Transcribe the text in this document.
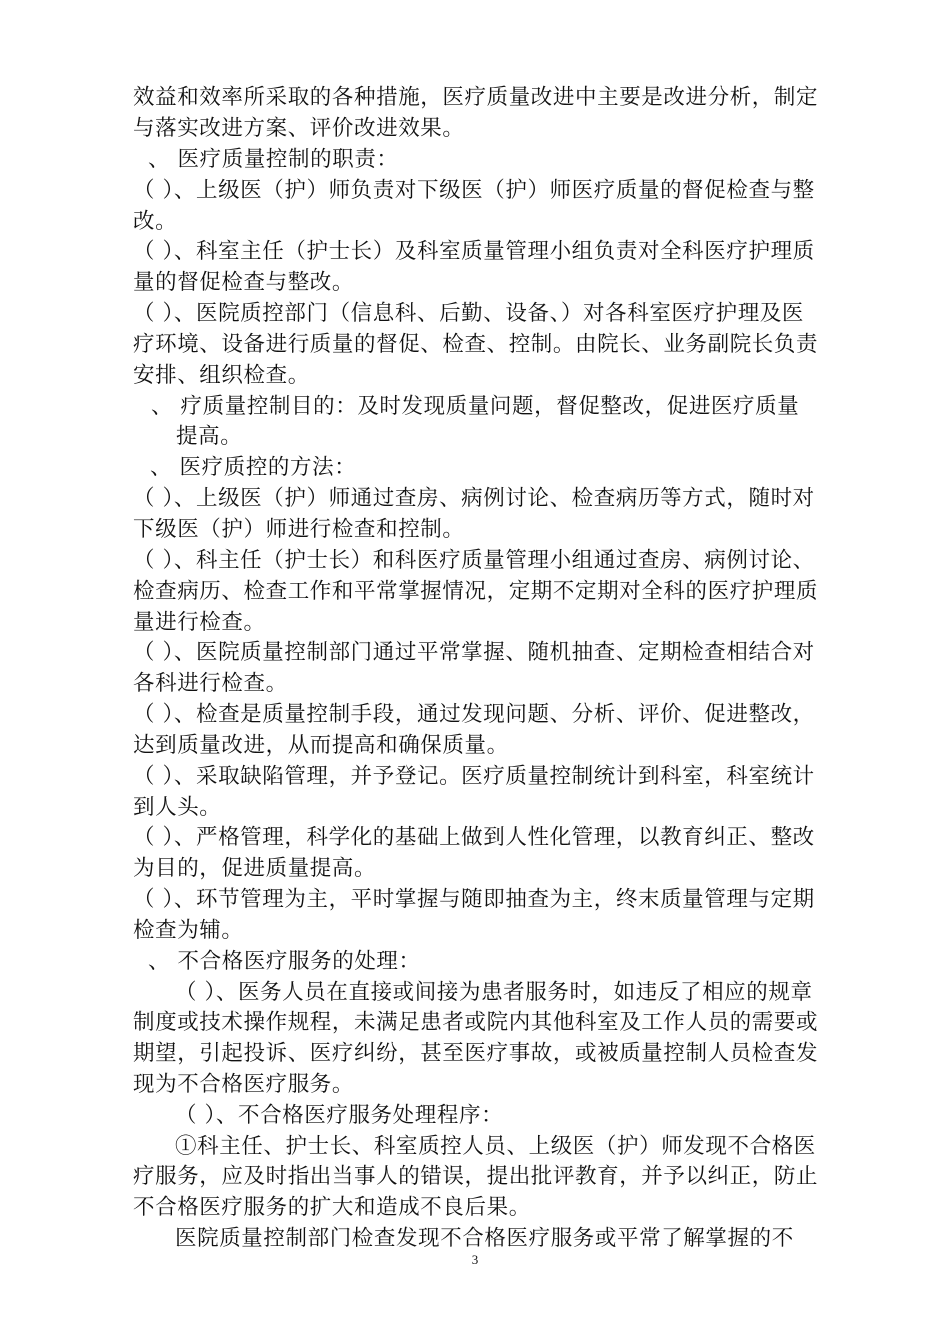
效益和效率所采取的各种措施，医疗质量改进中主要是改进分析，制定
与落实改进方案、评价改进效果。
、 医疗质量控制的职责：
（ ）、上级医（护）师负责对下级医（护）师医疗质量的督促检查与整
改。
（ ）、科室主任（护士长）及科室质量管理小组负责对全科医疗护理质
量的督促检查与整改。
（ ）、医院质控部门（信息科、后勤、设备、）对各科室医疗护理及医
疗环境、设备进行质量的督促、检查、控制。由院长、业务副院长负责
安排、组织检查。
、 疗质量控制目的：及时发现质量问题，督促整改，促进医疗质量
提高。
、 医疗质控的方法：
（ ）、上级医（护）师通过查房、病例讨论、检查病历等方式，随时对
下级医（护）师进行检查和控制。
（ ）、科主任（护士长）和科医疗质量管理小组通过查房、病例讨论、
检查病历、检查工作和平常掌握情况，定期不定期对全科的医疗护理质
量进行检查。
（ ）、医院质量控制部门通过平常掌握、随机抽查、定期检查相结合对
各科进行检查。
（ ）、检查是质量控制手段，通过发现问题、分析、评价、促进整改，
达到质量改进，从而提高和确保质量。
（ ）、采取缺陷管理，并予登记。医疗质量控制统计到科室，科室统计
到人头。
（ ）、严格管理，科学化的基础上做到人性化管理，以教育纠正、整改
为目的，促进质量提高。
（ ）、环节管理为主，平时掌握与随即抽查为主，终末质量管理与定期
检查为辅。
、 不合格医疗服务的处理：
（ ）、医务人员在直接或间接为患者服务时，如违反了相应的规章
制度或技术操作规程，未满足患者或院内其他科室及工作人员的需要或
期望，引起投诉、医疗纠纷，甚至医疗事故，或被质量控制人员检查发
现为不合格医疗服务。
（ ）、不合格医疗服务处理程序：
①科主任、护士长、科室质控人员、上级医（护）师发现不合格医
疗服务，应及时指出当事人的错误，提出批评教育，并予以纠正，防止
不合格医疗服务的扩大和造成不良后果。
医院质量控制部门检查发现不合格医疗服务或平常了解掌握的不
3
